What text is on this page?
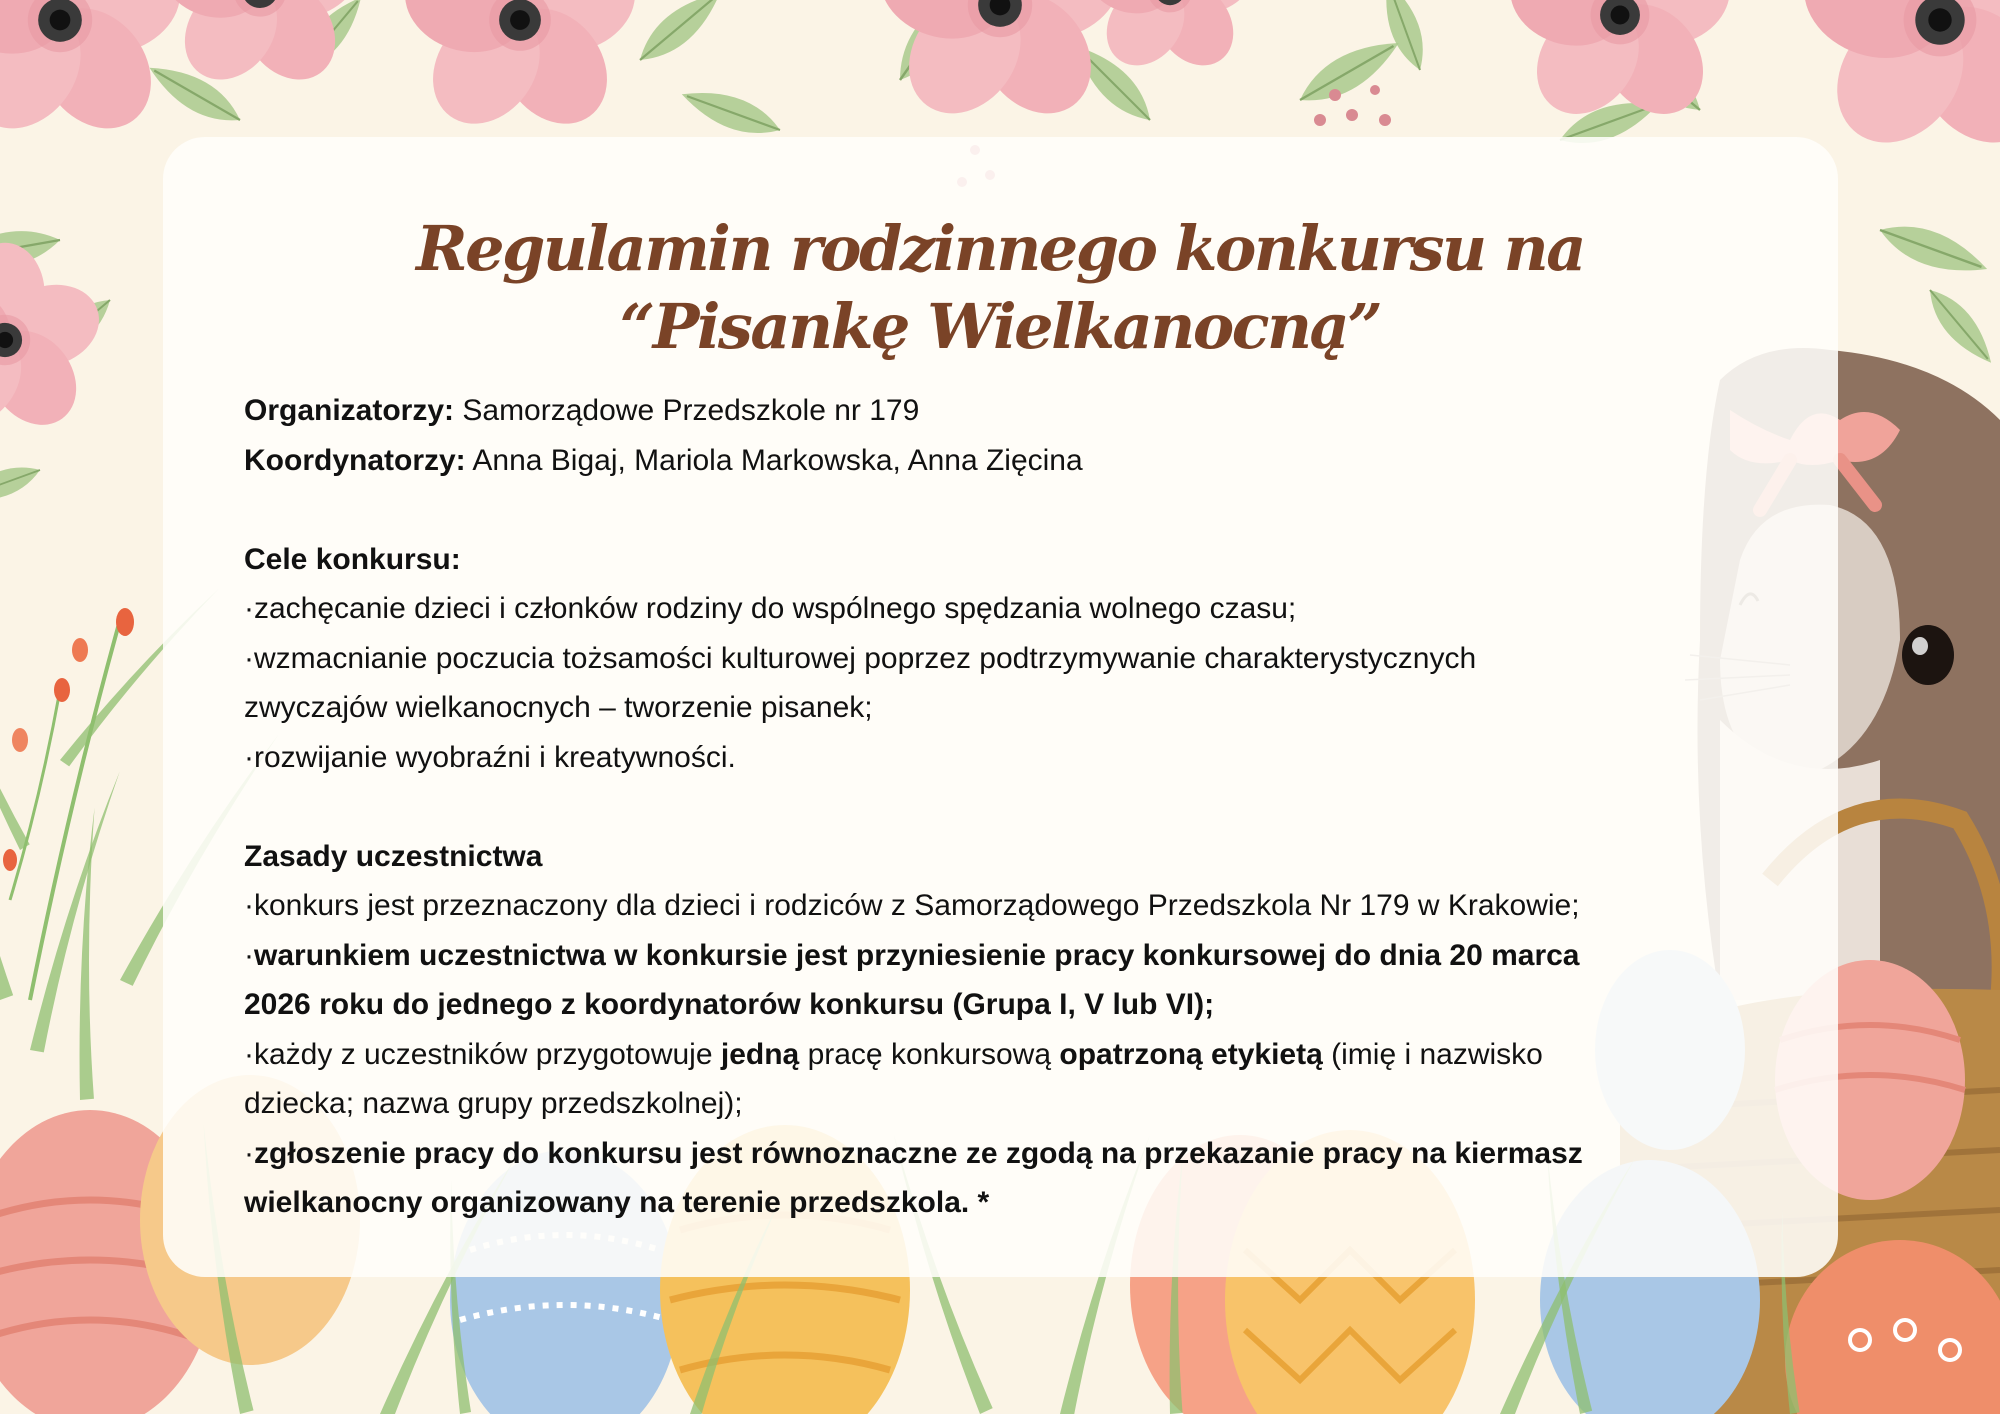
Regulamin rodzinnego konkursu na
“Pisankę Wielkanocną”
Organizatorzy: Samorządowe Przedszkole nr 179
Koordynatorzy: Anna Bigaj, Mariola Markowska, Anna Zięcina
Cele konkursu:
·zachęcanie dzieci i członków rodziny do wspólnego spędzania wolnego czasu;
·wzmacnianie poczucia tożsamości kulturowej poprzez podtrzymywanie charakterystycznych
zwyczajów wielkanocnych – tworzenie pisanek;
·rozwijanie wyobraźni i kreatywności.
Zasady uczestnictwa
·konkurs jest przeznaczony dla dzieci i rodziców z Samorządowego Przedszkola Nr 179 w Krakowie;
·warunkiem uczestnictwa w konkursie jest przyniesienie pracy konkursowej do dnia 20 marca
2026 roku do jednego z koordynatorów konkursu (Grupa I, V lub VI);
·każdy z uczestników przygotowuje jedną pracę konkursową opatrzoną etykietą (imię i nazwisko
dziecka; nazwa grupy przedszkolnej);
·zgłoszenie pracy do konkursu jest równoznaczne ze zgodą na przekazanie pracy na kiermasz
wielkanocny organizowany na terenie przedszkola. *
